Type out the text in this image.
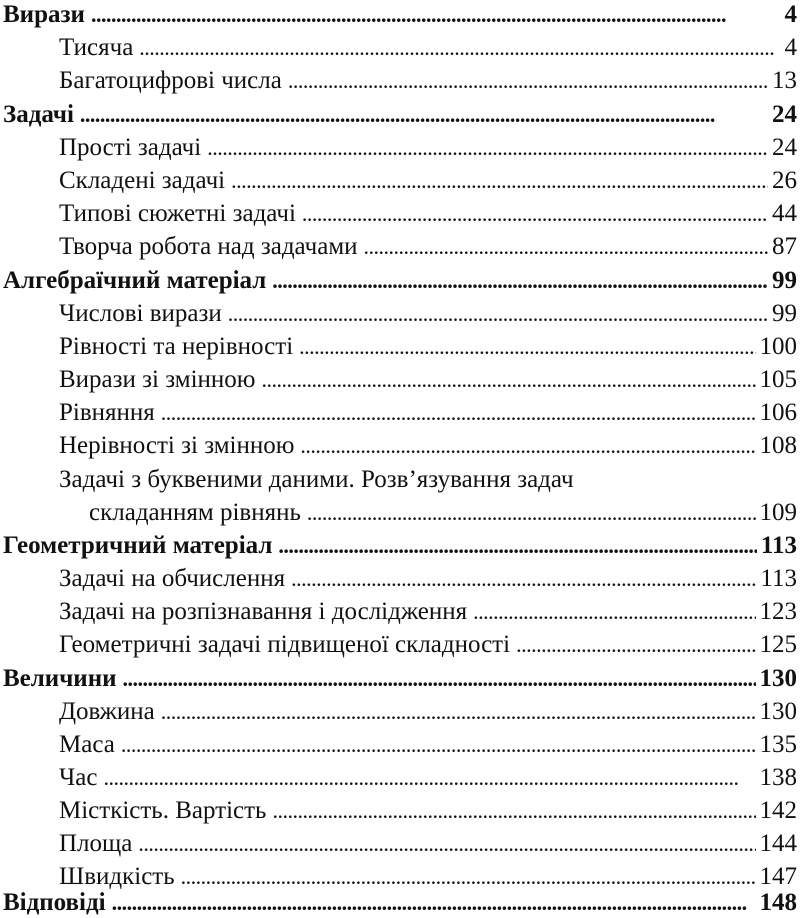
Вирази . . .	4
Тисяча . . .	4
Багатоцифрові числа . . .	13
Задачі . . .	24
Прості задачі . . .	24
Складені задачі . . .	26
Типові сюжетні задачі . . .	44
Творча робота над задачами . . .	87
Алгебраїчний матеріал . . .	99
Числові вирази . . .	99
Рівності та нерівності . . .	100
Вирази зі змінною . . .	105
Рівняння . . .	106
Нерівності зі змінною . . .	108
Задачі з буквеними даними. Розв’язування задач
складанням рівнянь . . .	109
Геометричний матеріал . . .	113
Задачі на обчислення . . .	113
Задачі на розпізнавання і дослідження . . .	123
Геометричні задачі підвищеної складності . . .	125
Величини . . .	130
Довжина . . .	130
Маса . . .	135
Час . . .	138
Місткість. Вартість . . .	142
Площа . . .	144
Швидкість . . .	147
Відповіді . . .	148
